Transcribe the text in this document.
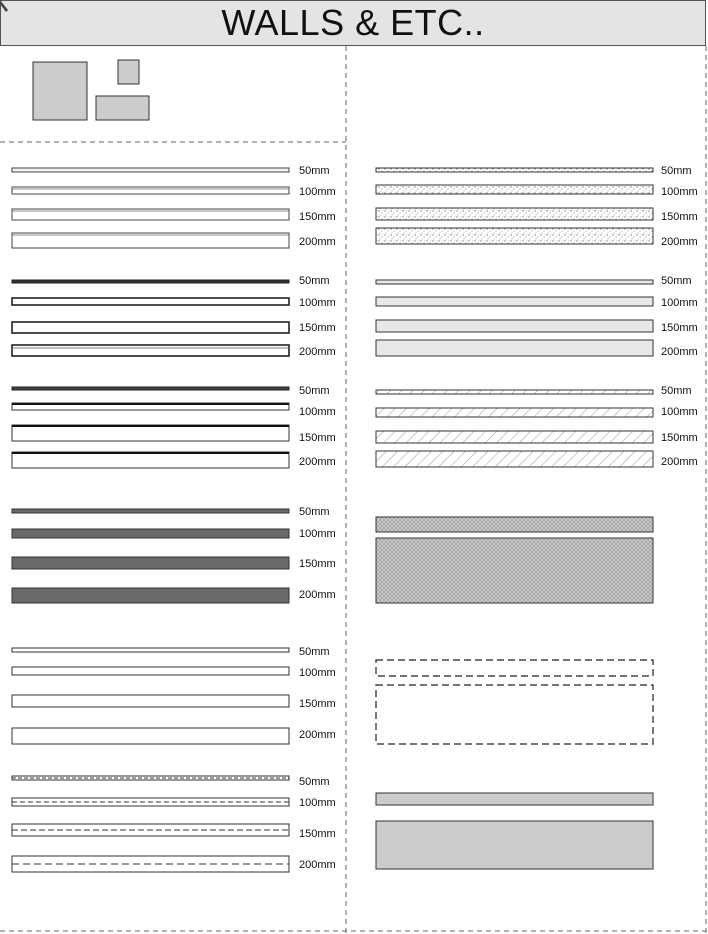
WALLS & ETC..
50mm
100mm
150mm
200mm
50mm
100mm
150mm
200mm
50mm
100mm
150mm
200mm
50mm
100mm
150mm
200mm
50mm
100mm
150mm
200mm
50mm
100mm
150mm
200mm
50mm
100mm
150mm
200mm
50mm
100mm
150mm
200mm
50mm
100mm
150mm
200mm
